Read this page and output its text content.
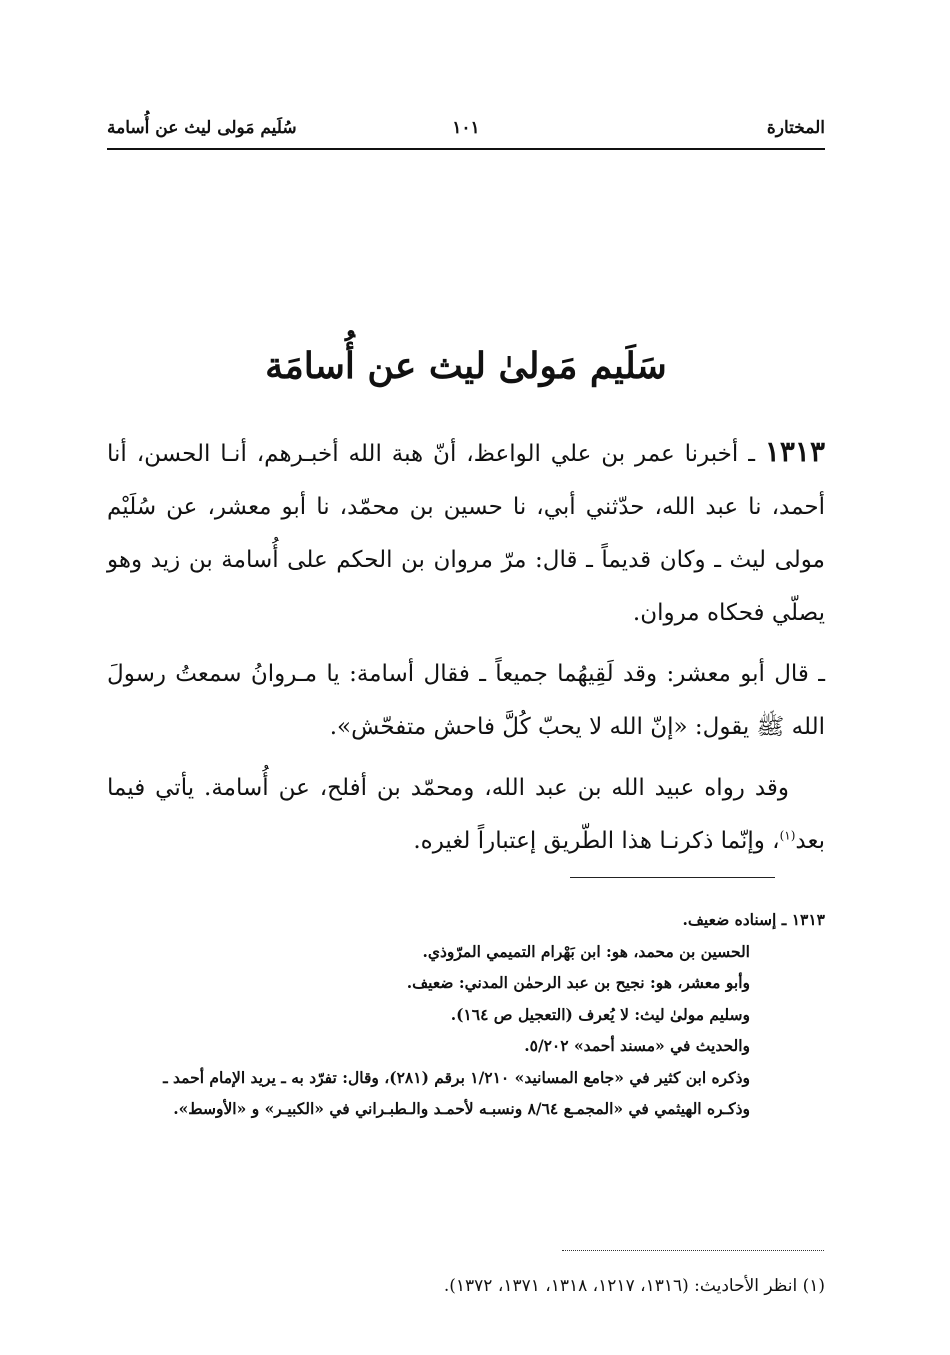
المختارة
١٠١
سُلَيم مَولى ليث عن أُسامة
سَلَيم مَولىٰ ليث عن أُسامَة

١٣١٣ ـ أخبرنا عمر بن علي الواعظ، أنّ هبة الله أخبـرهم، أنـا الحسن، أنا أحمد، نا عبد الله، حدّثني أبي، نا حسين بن محمّد، نا أبو معشر، عن سُلَيْم مولى ليث ـ وكان قديماً ـ قال: مرّ مروان بن الحكم على أُسامة بن زيد وهو يصلّي فحكاه مروان.

ـ قال أبو معشر: وقد لَقِيهُما جميعاً ـ فقال أسامة: يا مـروانُ سمعتُ رسولَ الله ﷺ يقول: «إنّ الله لا يحبّ كُلَّ فاحش متفحّش».

وقد رواه عبيد الله بن عبد الله، ومحمّد بن أفلح، عن أُسامة. يأتي فيما بعد$^{(١)}$، وإنّما ذكرنـا هذا الطّريق إعتباراً لغيره.

١٣١٣ ـ إسناده ضعيف.
الحسين بن محمد، هو: ابن بَهْرام التميمي المرّوذي.
وأبو معشر، هو: نجيح بن عبد الرحمٰن المدني: ضعيف.
وسليم مولىٰ ليث: لا يُعرف (التعجيل ص ١٦٤).
والحديث في «مسند أحمد» ٥/٢٠٢.
وذكره ابن كثير في «جامع المسانيد» ١/٢١٠ برقم (٢٨١)، وقال: تفرّد به ـ يريد الإمام أحمد ـ
وذكـره الهيثمي في «المجمـع ٨/٦٤ ونسبـه لأحمـد والـطبـراني في «الكبيـر» و «الأوسط».
(١) انظر الأحاديث: (١٣١٦، ١٢١٧، ١٣١٨، ١٣٧١، ١٣٧٢).
